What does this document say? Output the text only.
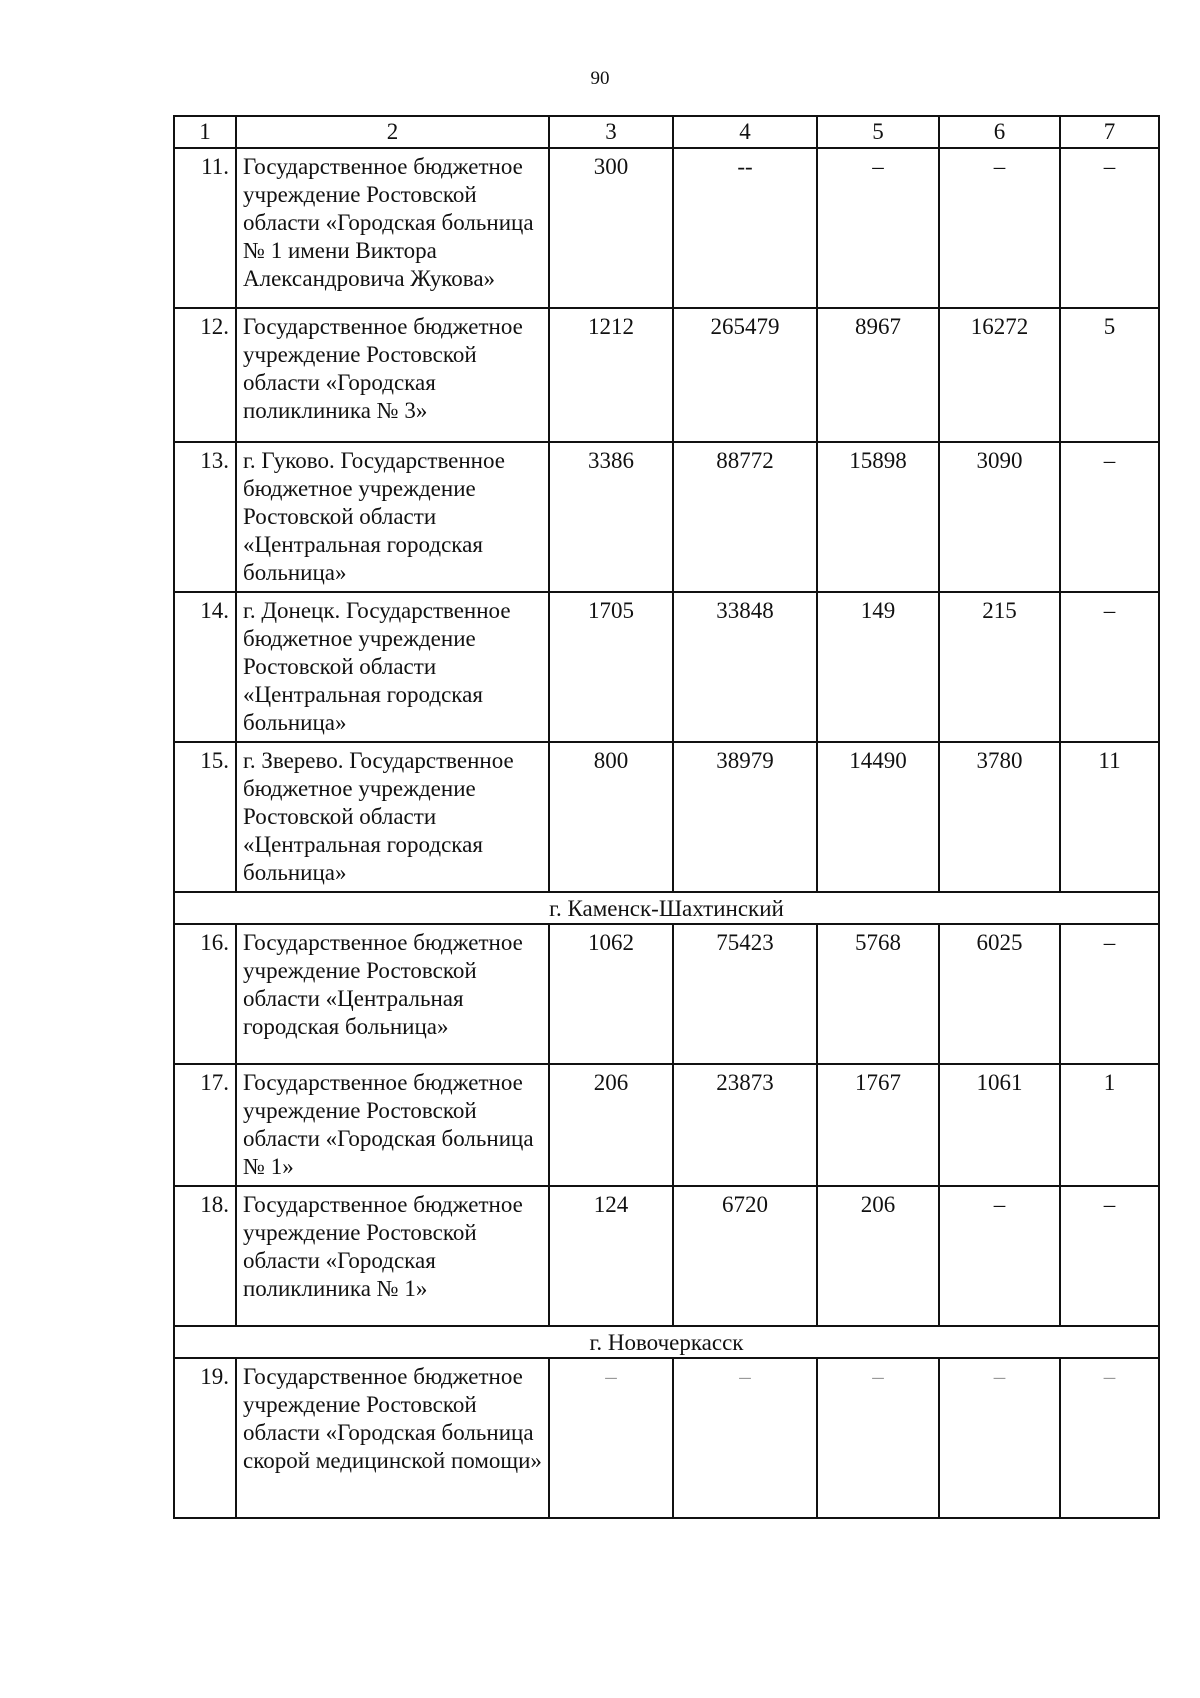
90
1	2	3	4	5	6	7
11.	Государственное бюджетное учреждение Ростовской области «Городская больница № 1 имени Виктора Александровича Жукова»	300	--	–	–	–
12.	Государственное бюджетное учреждение Ростовской области «Городская поликлиника № 3»	1212	265479	8967	16272	5
13.	г. Гуково. Государственное бюджетное учреждение Ростовской области «Центральная городская больница»	3386	88772	15898	3090	–
14.	г. Донецк. Государственное бюджетное учреждение Ростовской области «Центральная городская больница»	1705	33848	149	215	–
15.	г. Зверево. Государственное бюджетное учреждение Ростовской области «Центральная городская больница»	800	38979	14490	3780	11
г. Каменск-Шахтинский						
16.	Государственное бюджетное учреждение Ростовской области «Центральная городская больница»	1062	75423	5768	6025	–
17.	Государственное бюджетное учреждение Ростовской области «Городская больница № 1»	206	23873	1767	1061	1
18.	Государственное бюджетное учреждение Ростовской области «Городская поликлиника № 1»	124	6720	206	–	–
г. Новочеркасск						
19.	Государственное бюджетное учреждение Ростовской области «Городская больница скорой медицинской помощи»	–	–	–	–	–
